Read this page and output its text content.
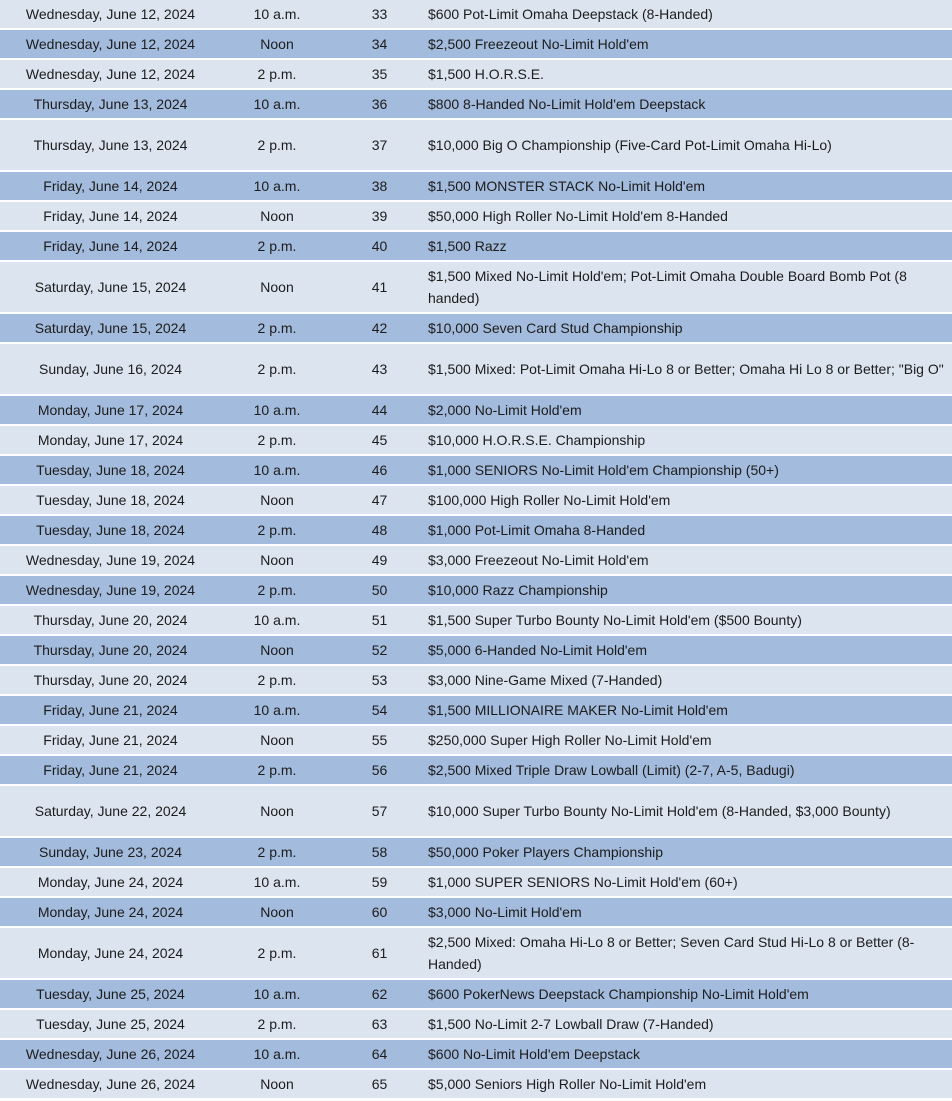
Wednesday, June 12, 2024	10 a.m.	33	$600 Pot-Limit Omaha Deepstack (8-Handed)
Wednesday, June 12, 2024	Noon	34	$2,500 Freezeout No-Limit Hold'em
Wednesday, June 12, 2024	2 p.m.	35	$1,500 H.O.R.S.E.
Thursday, June 13, 2024	10 a.m.	36	$800 8-Handed No-Limit Hold'em Deepstack
Thursday, June 13, 2024	2 p.m.	37	$10,000 Big O Championship (Five-Card Pot-Limit Omaha Hi-Lo)
Friday, June 14, 2024	10 a.m.	38	$1,500 MONSTER STACK No-Limit Hold'em
Friday, June 14, 2024	Noon	39	$50,000 High Roller No-Limit Hold'em 8-Handed
Friday, June 14, 2024	2 p.m.	40	$1,500 Razz
Saturday, June 15, 2024	Noon	41	$1,500 Mixed No-Limit Hold'em; Pot-Limit Omaha Double Board Bomb Pot (8 handed)
Saturday, June 15, 2024	2 p.m.	42	$10,000 Seven Card Stud Championship
Sunday, June 16, 2024	2 p.m.	43	$1,500 Mixed: Pot-Limit Omaha Hi-Lo 8 or Better; Omaha Hi Lo 8 or Better; "Big O"
Monday, June 17, 2024	10 a.m.	44	$2,000 No-Limit Hold'em
Monday, June 17, 2024	2 p.m.	45	$10,000 H.O.R.S.E. Championship
Tuesday, June 18, 2024	10 a.m.	46	$1,000 SENIORS No-Limit Hold'em Championship (50+)
Tuesday, June 18, 2024	Noon	47	$100,000 High Roller No-Limit Hold'em
Tuesday, June 18, 2024	2 p.m.	48	$1,000 Pot-Limit Omaha 8-Handed
Wednesday, June 19, 2024	Noon	49	$3,000 Freezeout No-Limit Hold'em
Wednesday, June 19, 2024	2 p.m.	50	$10,000 Razz Championship
Thursday, June 20, 2024	10 a.m.	51	$1,500 Super Turbo Bounty No-Limit Hold'em ($500 Bounty)
Thursday, June 20, 2024	Noon	52	$5,000 6-Handed No-Limit Hold'em
Thursday, June 20, 2024	2 p.m.	53	$3,000 Nine-Game Mixed (7-Handed)
Friday, June 21, 2024	10 a.m.	54	$1,500 MILLIONAIRE MAKER No-Limit Hold'em
Friday, June 21, 2024	Noon	55	$250,000 Super High Roller No-Limit Hold'em
Friday, June 21, 2024	2 p.m.	56	$2,500 Mixed Triple Draw Lowball (Limit) (2-7, A-5, Badugi)
Saturday, June 22, 2024	Noon	57	$10,000 Super Turbo Bounty No-Limit Hold'em (8-Handed, $3,000 Bounty)
Sunday, June 23, 2024	2 p.m.	58	$50,000 Poker Players Championship
Monday, June 24, 2024	10 a.m.	59	$1,000 SUPER SENIORS No-Limit Hold'em (60+)
Monday, June 24, 2024	Noon	60	$3,000 No-Limit Hold'em
Monday, June 24, 2024	2 p.m.	61	$2,500 Mixed: Omaha Hi-Lo 8 or Better; Seven Card Stud Hi-Lo 8 or Better (8-Handed)
Tuesday, June 25, 2024	10 a.m.	62	$600 PokerNews Deepstack Championship No-Limit Hold'em
Tuesday, June 25, 2024	2 p.m.	63	$1,500 No-Limit 2-7 Lowball Draw (7-Handed)
Wednesday, June 26, 2024	10 a.m.	64	$600 No-Limit Hold'em Deepstack
Wednesday, June 26, 2024	Noon	65	$5,000 Seniors High Roller No-Limit Hold'em
